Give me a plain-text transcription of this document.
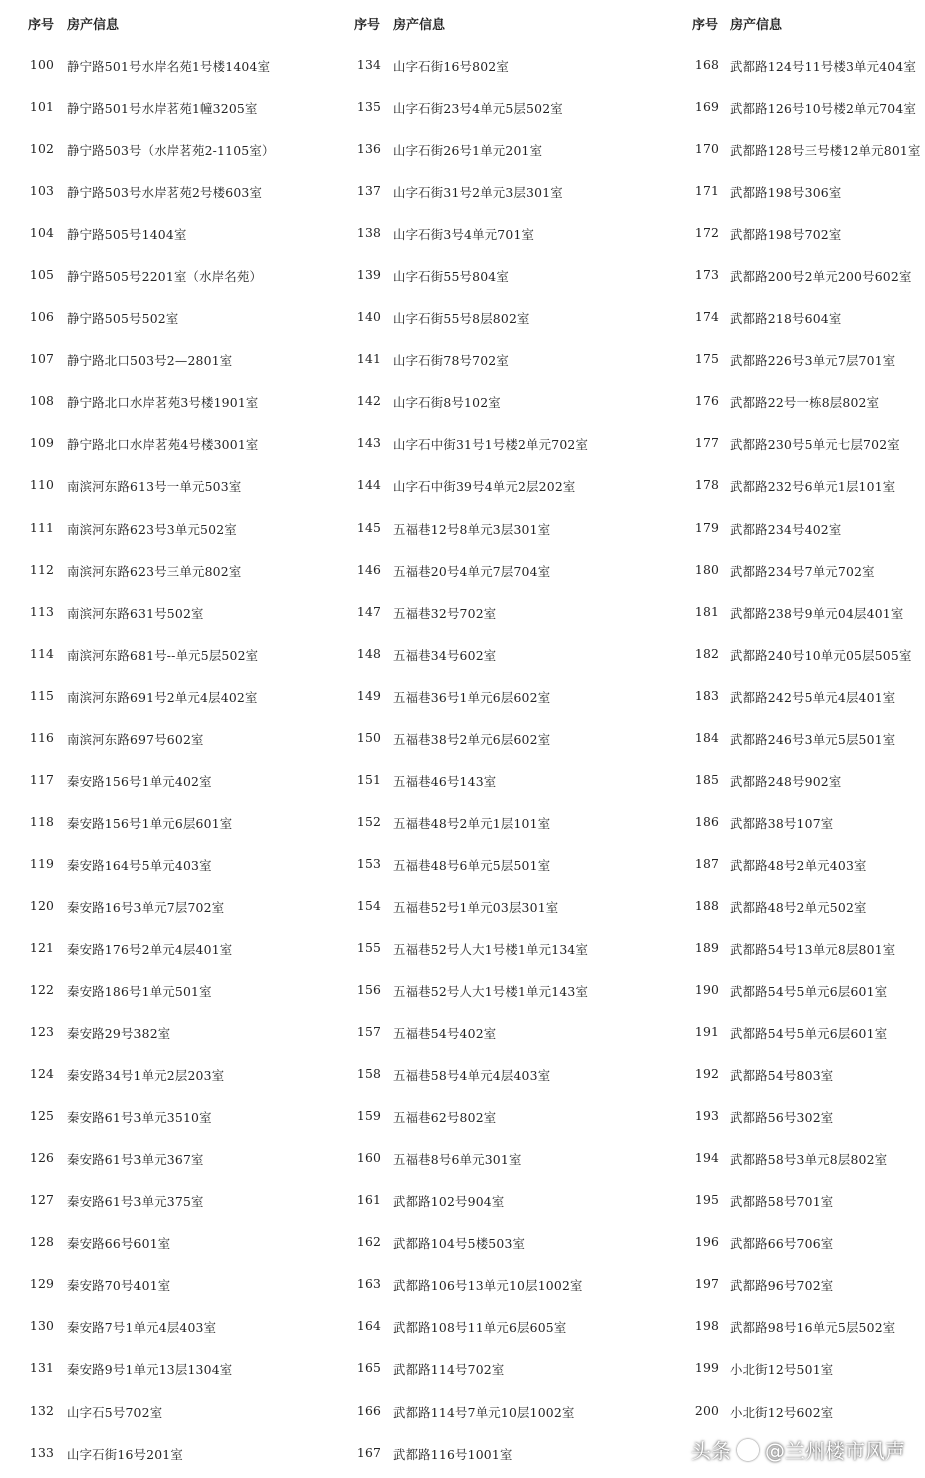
序号 房产信息
100	静宁路501号水岸名苑1号楼1404室
101	静宁路501号水岸茗苑1幢3205室
102	静宁路503号（水岸茗苑2-1105室）
103	静宁路503号水岸茗苑2号楼603室
104	静宁路505号1404室
105	静宁路505号2201室（水岸名苑）
106	静宁路505号502室
107	静宁路北口503号2—2801室
108	静宁路北口水岸茗苑3号楼1901室
109	静宁路北口水岸茗苑4号楼3001室
110	南滨河东路613号一单元503室
111	南滨河东路623号3单元502室
112	南滨河东路623号三单元802室
113	南滨河东路631号502室
114	南滨河东路681号--单元5层502室
115	南滨河东路691号2单元4层402室
116	南滨河东路697号602室
117	秦安路156号1单元402室
118	秦安路156号1单元6层601室
119	秦安路164号5单元403室
120	秦安路16号3单元7层702室
121	秦安路176号2单元4层401室
122	秦安路186号1单元501室
123	秦安路29号382室
124	秦安路34号1单元2层203室
125	秦安路61号3单元3510室
126	秦安路61号3单元367室
127	秦安路61号3单元375室
128	秦安路66号601室
129	秦安路70号401室
130	秦安路7号1单元4层403室
131	秦安路9号1单元13层1304室
132	山字石5号702室
133	山字石街16号201室
序号 房产信息
134 山字石街16号802室
135 山字石街23号4单元5层502室
136 山字石街26号1单元201室
137 山字石街31号2单元3层301室
138 山字石街3号4单元701室
139 山字石街55号804室
140 山字石街55号8层802室
141 山字石街78号702室
142 山字石街8号102室
143 山字石中街31号1号楼2单元702室
144 山字石中街39号4单元2层202室
145 五福巷12号8单元3层301室
146 五福巷20号4单元7层704室
147 五福巷32号702室
148 五福巷34号602室
149 五福巷36号1单元6层602室
150 五福巷38号2单元6层602室
151 五福巷46号143室
152 五福巷48号2单元1层101室
153 五福巷48号6单元5层501室
154 五福巷52号1单元03层301室
155 五福巷52号人大1号楼1单元134室
156 五福巷52号人大1号楼1单元143室
157 五福巷54号402室
158 五福巷58号4单元4层403室
159 五福巷62号802室
160 五福巷8号6单元301室
161 武都路102号904室
162 武都路104号5楼503室
163 武都路106号13单元10层1002室
164 武都路108号11单元6层605室
165 武都路114号702室
166 武都路114号7单元10层1002室
167 武都路116号1001室
序号 房产信息
168 武都路124号11号楼3单元404室
169 武都路126号10号楼2单元704室
170 武都路128号三号楼12单元801室
171 武都路198号306室
172 武都路198号702室
173 武都路200号2单元200号602室
174 武都路218号604室
175 武都路226号3单元7层701室
176 武都路22号一栋8层802室
177 武都路230号5单元七层702室
178 武都路232号6单元1层101室
179 武都路234号402室
180 武都路234号7单元702室
181 武都路238号9单元04层401室
182 武都路240号10单元05层505室
183 武都路242号5单元4层401室
184 武都路246号3单元5层501室
185 武都路248号902室
186 武都路38号107室
187 武都路48号2单元403室
188 武都路48号2单元502室
189 武都路54号13单元8层801室
190 武都路54号5单元6层601室
191 武都路54号5单元6层601室
192 武都路54号803室
193 武都路56号302室
194 武都路58号3单元8层802室
195 武都路58号701室
196 武都路66号706室
197 武都路96号702室
198 武都路98号16单元5层502室
199 小北街12号501室
200 小北街12号602室
头条 @兰州楼市风声
